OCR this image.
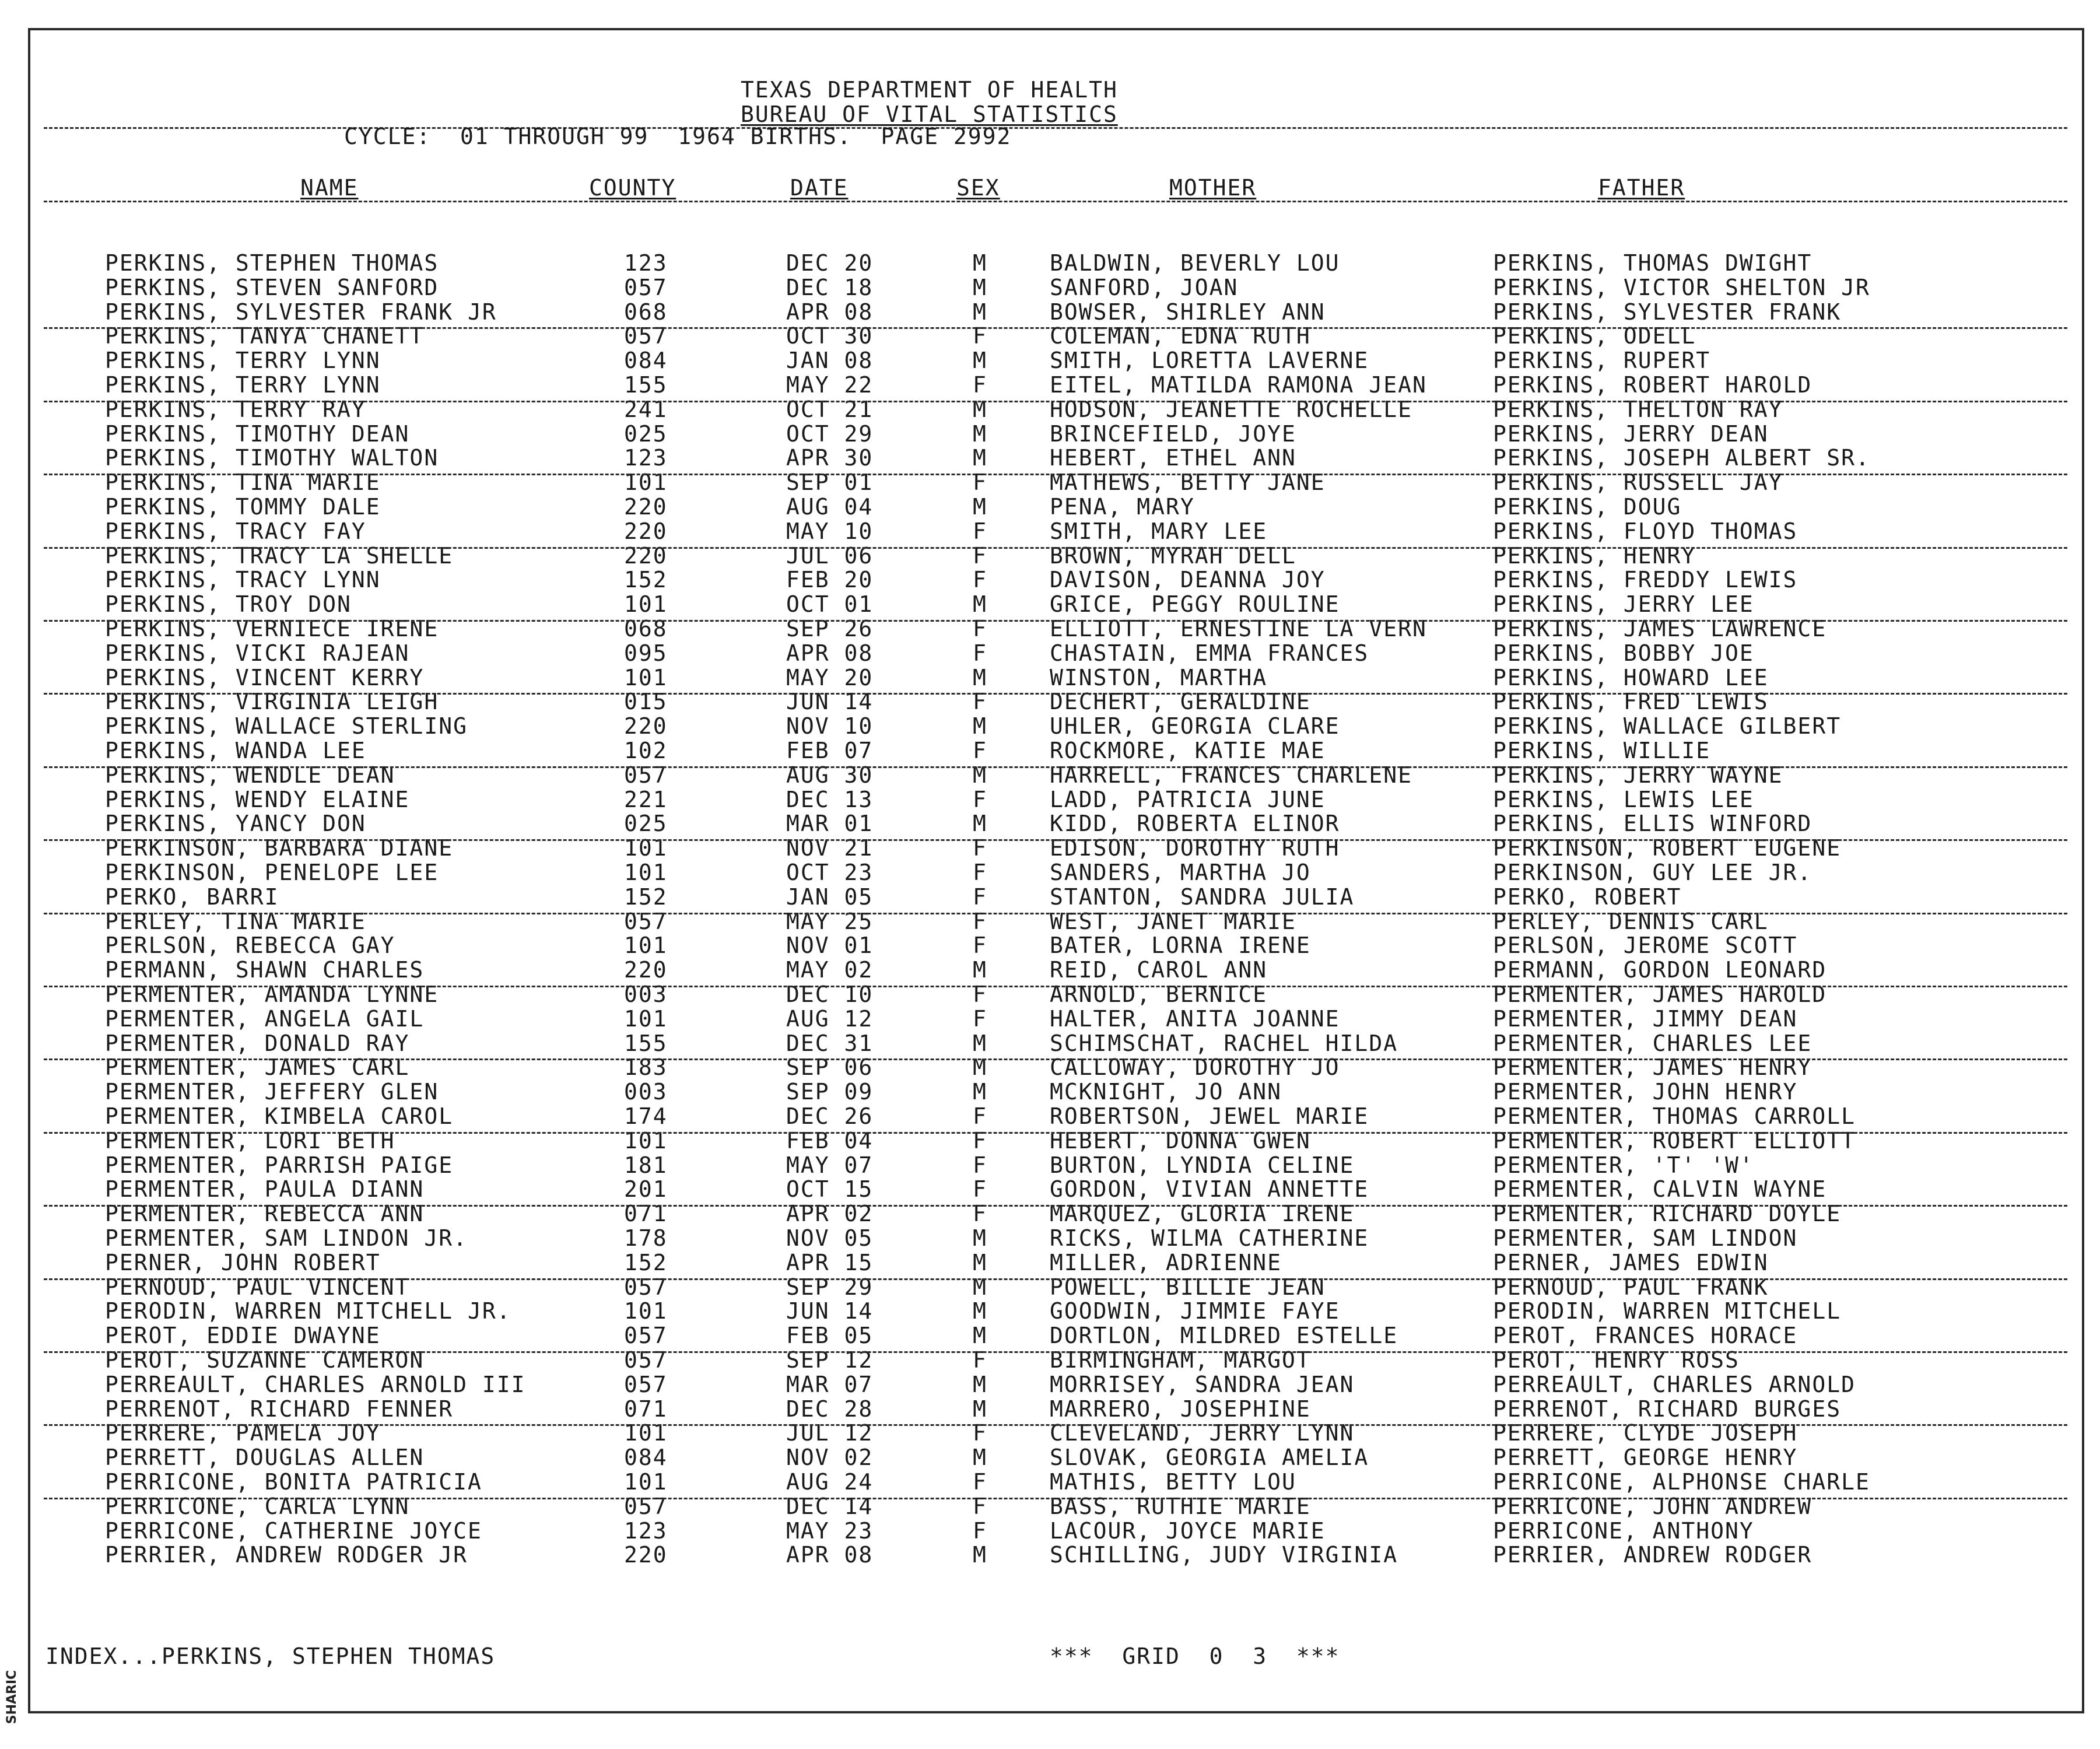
SHARIC
TEXAS DEPARTMENT OF HEALTH
BUREAU OF VITAL STATISTICS
CYCLE:  01 THROUGH 99  1964 BIRTHS.  PAGE 2992
NAME	COUNTY	DATE	SEX	MOTHER	FATHER
PERKINS, STEPHEN THOMAS	123	DEC 20	M	BALDWIN, BEVERLY LOU	PERKINS, THOMAS DWIGHT
PERKINS, STEVEN SANFORD	057	DEC 18	M	SANFORD, JOAN	PERKINS, VICTOR SHELTON JR
PERKINS, SYLVESTER FRANK JR	068	APR 08	M	BOWSER, SHIRLEY ANN	PERKINS, SYLVESTER FRANK
PERKINS, TANYA CHANETT	057	OCT 30	F	COLEMAN, EDNA RUTH	PERKINS, ODELL
PERKINS, TERRY LYNN	084	JAN 08	M	SMITH, LORETTA LAVERNE	PERKINS, RUPERT
PERKINS, TERRY LYNN	155	MAY 22	F	EITEL, MATILDA RAMONA JEAN	PERKINS, ROBERT HAROLD
PERKINS, TERRY RAY	241	OCT 21	M	HODSON, JEANETTE ROCHELLE	PERKINS, THELTON RAY
PERKINS, TIMOTHY DEAN	025	OCT 29	M	BRINCEFIELD, JOYE	PERKINS, JERRY DEAN
PERKINS, TIMOTHY WALTON	123	APR 30	M	HEBERT, ETHEL ANN	PERKINS, JOSEPH ALBERT SR.
PERKINS, TINA MARIE	101	SEP 01	F	MATHEWS, BETTY JANE	PERKINS, RUSSELL JAY
PERKINS, TOMMY DALE	220	AUG 04	M	PENA, MARY	PERKINS, DOUG
PERKINS, TRACY FAY	220	MAY 10	F	SMITH, MARY LEE	PERKINS, FLOYD THOMAS
PERKINS, TRACY LA SHELLE	220	JUL 06	F	BROWN, MYRAH DELL	PERKINS, HENRY
PERKINS, TRACY LYNN	152	FEB 20	F	DAVISON, DEANNA JOY	PERKINS, FREDDY LEWIS
PERKINS, TROY DON	101	OCT 01	M	GRICE, PEGGY ROULINE	PERKINS, JERRY LEE
PERKINS, VERNIECE IRENE	068	SEP 26	F	ELLIOTT, ERNESTINE LA VERN	PERKINS, JAMES LAWRENCE
PERKINS, VICKI RAJEAN	095	APR 08	F	CHASTAIN, EMMA FRANCES	PERKINS, BOBBY JOE
PERKINS, VINCENT KERRY	101	MAY 20	M	WINSTON, MARTHA	PERKINS, HOWARD LEE
PERKINS, VIRGINIA LEIGH	015	JUN 14	F	DECHERT, GERALDINE	PERKINS, FRED LEWIS
PERKINS, WALLACE STERLING	220	NOV 10	M	UHLER, GEORGIA CLARE	PERKINS, WALLACE GILBERT
PERKINS, WANDA LEE	102	FEB 07	F	ROCKMORE, KATIE MAE	PERKINS, WILLIE
PERKINS, WENDLE DEAN	057	AUG 30	M	HARRELL, FRANCES CHARLENE	PERKINS, JERRY WAYNE
PERKINS, WENDY ELAINE	221	DEC 13	F	LADD, PATRICIA JUNE	PERKINS, LEWIS LEE
PERKINS, YANCY DON	025	MAR 01	M	KIDD, ROBERTA ELINOR	PERKINS, ELLIS WINFORD
PERKINSON, BARBARA DIANE	101	NOV 21	F	EDISON, DOROTHY RUTH	PERKINSON, ROBERT EUGENE
PERKINSON, PENELOPE LEE	101	OCT 23	F	SANDERS, MARTHA JO	PERKINSON, GUY LEE JR.
PERKO, BARRI	152	JAN 05	F	STANTON, SANDRA JULIA	PERKO, ROBERT
PERLEY, TINA MARIE	057	MAY 25	F	WEST, JANET MARIE	PERLEY, DENNIS CARL
PERLSON, REBECCA GAY	101	NOV 01	F	BATER, LORNA IRENE	PERLSON, JEROME SCOTT
PERMANN, SHAWN CHARLES	220	MAY 02	M	REID, CAROL ANN	PERMANN, GORDON LEONARD
PERMENTER, AMANDA LYNNE	003	DEC 10	F	ARNOLD, BERNICE	PERMENTER, JAMES HAROLD
PERMENTER, ANGELA GAIL	101	AUG 12	F	HALTER, ANITA JOANNE	PERMENTER, JIMMY DEAN
PERMENTER, DONALD RAY	155	DEC 31	M	SCHIMSCHAT, RACHEL HILDA	PERMENTER, CHARLES LEE
PERMENTER, JAMES CARL	183	SEP 06	M	CALLOWAY, DOROTHY JO	PERMENTER, JAMES HENRY
PERMENTER, JEFFERY GLEN	003	SEP 09	M	MCKNIGHT, JO ANN	PERMENTER, JOHN HENRY
PERMENTER, KIMBELA CAROL	174	DEC 26	F	ROBERTSON, JEWEL MARIE	PERMENTER, THOMAS CARROLL
PERMENTER, LORI BETH	101	FEB 04	F	HEBERT, DONNA GWEN	PERMENTER, ROBERT ELLIOTT
PERMENTER, PARRISH PAIGE	181	MAY 07	F	BURTON, LYNDIA CELINE	PERMENTER, 'T' 'W'
PERMENTER, PAULA DIANN	201	OCT 15	F	GORDON, VIVIAN ANNETTE	PERMENTER, CALVIN WAYNE
PERMENTER, REBECCA ANN	071	APR 02	F	MARQUEZ, GLORIA IRENE	PERMENTER, RICHARD DOYLE
PERMENTER, SAM LINDON JR.	178	NOV 05	M	RICKS, WILMA CATHERINE	PERMENTER, SAM LINDON
PERNER, JOHN ROBERT	152	APR 15	M	MILLER, ADRIENNE	PERNER, JAMES EDWIN
PERNOUD, PAUL VINCENT	057	SEP 29	M	POWELL, BILLIE JEAN	PERNOUD, PAUL FRANK
PERODIN, WARREN MITCHELL JR.	101	JUN 14	M	GOODWIN, JIMMIE FAYE	PERODIN, WARREN MITCHELL
PEROT, EDDIE DWAYNE	057	FEB 05	M	DORTLON, MILDRED ESTELLE	PEROT, FRANCES HORACE
PEROT, SUZANNE CAMERON	057	SEP 12	F	BIRMINGHAM, MARGOT	PEROT, HENRY ROSS
PERREAULT, CHARLES ARNOLD III	057	MAR 07	M	MORRISEY, SANDRA JEAN	PERREAULT, CHARLES ARNOLD
PERRENOT, RICHARD FENNER	071	DEC 28	M	MARRERO, JOSEPHINE	PERRENOT, RICHARD BURGES
PERRERE, PAMELA JOY	101	JUL 12	F	CLEVELAND, JERRY LYNN	PERRERE, CLYDE JOSEPH
PERRETT, DOUGLAS ALLEN	084	NOV 02	M	SLOVAK, GEORGIA AMELIA	PERRETT, GEORGE HENRY
PERRICONE, BONITA PATRICIA	101	AUG 24	F	MATHIS, BETTY LOU	PERRICONE, ALPHONSE CHARLE
PERRICONE, CARLA LYNN	057	DEC 14	F	BASS, RUTHIE MARIE	PERRICONE, JOHN ANDREW
PERRICONE, CATHERINE JOYCE	123	MAY 23	F	LACOUR, JOYCE MARIE	PERRICONE, ANTHONY
PERRIER, ANDREW RODGER JR	220	APR 08	M	SCHILLING, JUDY VIRGINIA	PERRIER, ANDREW RODGER
INDEX...PERKINS, STEPHEN THOMAS	***  GRID  0  3  ***
